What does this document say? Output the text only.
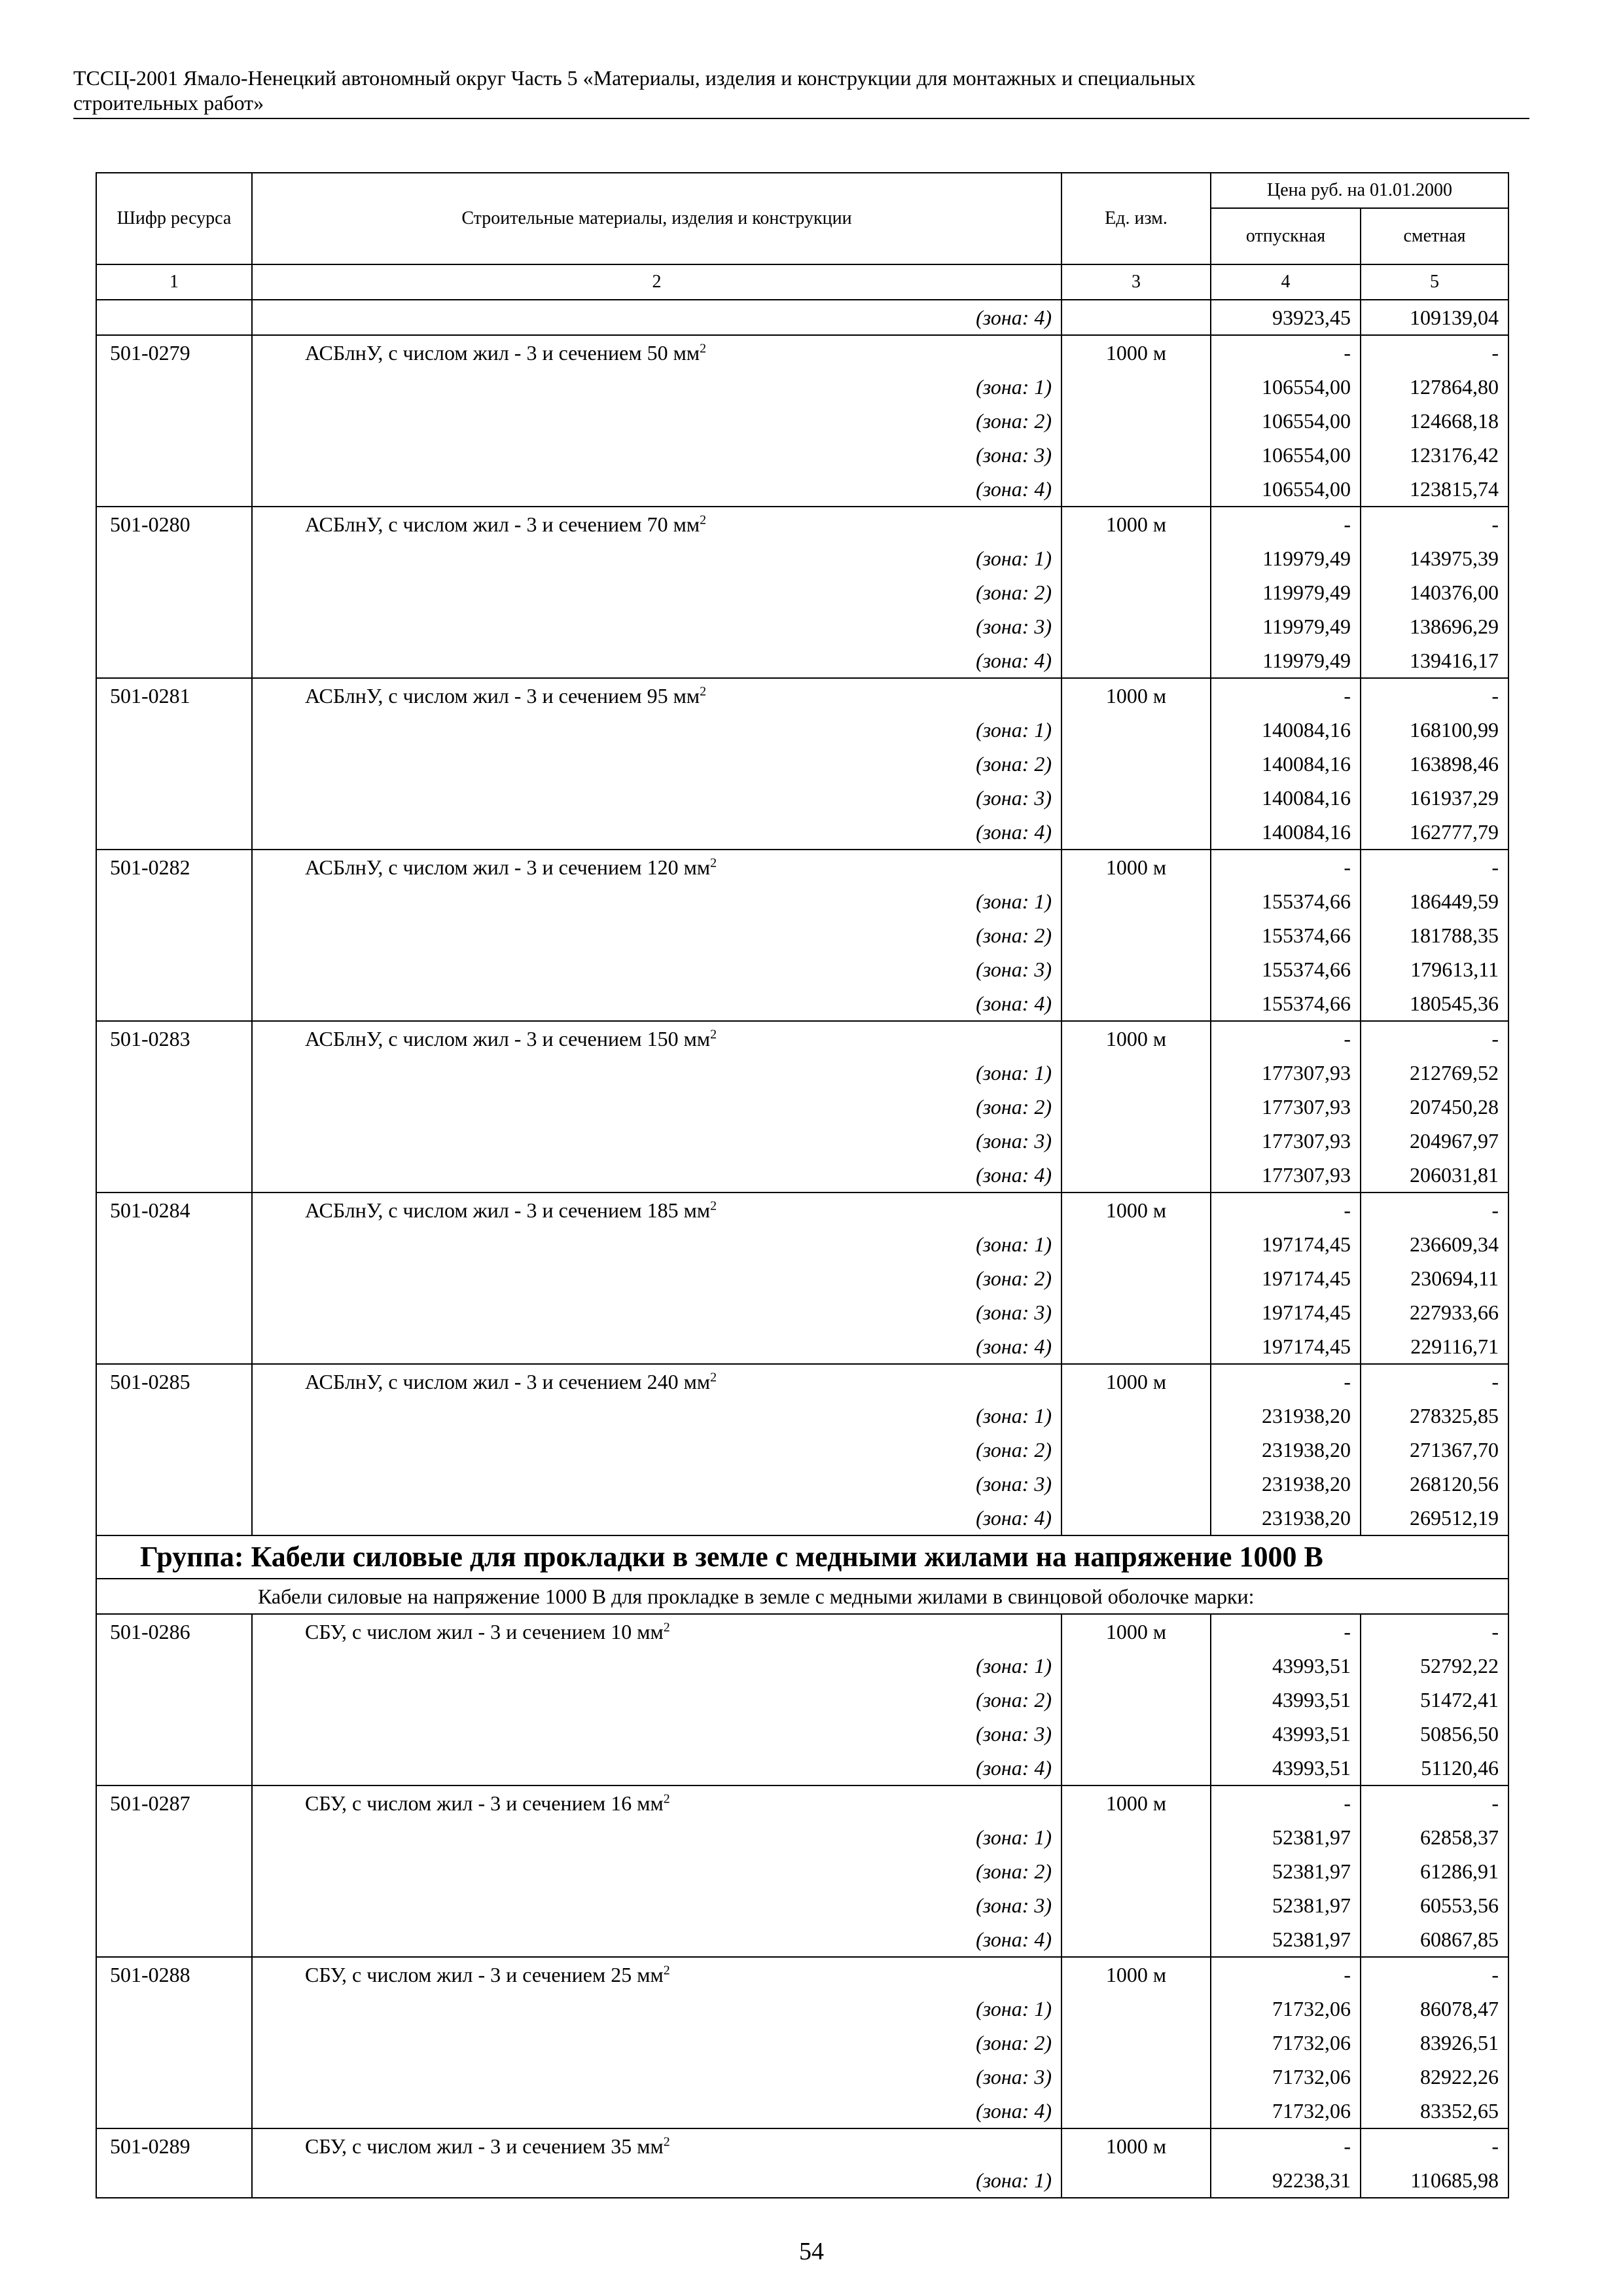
ТССЦ-2001 Ямало-Ненецкий автономный округ Часть 5 «Материалы, изделия и конструкции для монтажных и специальных
строительных работ»
Шифр ресурса	Строительные материалы, изделия и конструкции	Ед. изм.	Цена руб. на 01.01.2000	
			отпускная	сметная
1	2	3	4	5
	(зона: 4)		93923,45	109139,04
501-0279	АСБлнУ, с числом жил - 3 и сечением 50 $мм^2$	1000 м	-	-
	(зона: 1)		106554,00	127864,80
	(зона: 2)		106554,00	124668,18
	(зона: 3)		106554,00	123176,42
	(зона: 4)		106554,00	123815,74
501-0280	АСБлнУ, с числом жил - 3 и сечением 70 $мм^2$	1000 м	-	-
	(зона: 1)		119979,49	143975,39
	(зона: 2)		119979,49	140376,00
	(зона: 3)		119979,49	138696,29
	(зона: 4)		119979,49	139416,17
501-0281	АСБлнУ, с числом жил - 3 и сечением 95 $мм^2$	1000 м	-	-
	(зона: 1)		140084,16	168100,99
	(зона: 2)		140084,16	163898,46
	(зона: 3)		140084,16	161937,29
	(зона: 4)		140084,16	162777,79
501-0282	АСБлнУ, с числом жил - 3 и сечением 120 $мм^2$	1000 м	-	-
	(зона: 1)		155374,66	186449,59
	(зона: 2)		155374,66	181788,35
	(зона: 3)		155374,66	179613,11
	(зона: 4)		155374,66	180545,36
501-0283	АСБлнУ, с числом жил - 3 и сечением 150 $мм^2$	1000 м	-	-
	(зона: 1)		177307,93	212769,52
	(зона: 2)		177307,93	207450,28
	(зона: 3)		177307,93	204967,97
	(зона: 4)		177307,93	206031,81
501-0284	АСБлнУ, с числом жил - 3 и сечением 185 $мм^2$	1000 м	-	-
	(зона: 1)		197174,45	236609,34
	(зона: 2)		197174,45	230694,11
	(зона: 3)		197174,45	227933,66
	(зона: 4)		197174,45	229116,71
501-0285	АСБлнУ, с числом жил - 3 и сечением 240 $мм^2$	1000 м	-	-
	(зона: 1)		231938,20	278325,85
	(зона: 2)		231938,20	271367,70
	(зона: 3)		231938,20	268120,56
	(зона: 4)		231938,20	269512,19
Группа: Кабели силовые для прокладки в земле с медными жилами на напряжение 1000 В				
Кабели силовые на напряжение 1000 В для прокладке в земле с медными жилами в свинцовой оболочке марки:				
501-0286	СБУ, с числом жил - 3 и сечением 10 $мм^2$	1000 м	-	-
	(зона: 1)		43993,51	52792,22
	(зона: 2)		43993,51	51472,41
	(зона: 3)		43993,51	50856,50
	(зона: 4)		43993,51	51120,46
501-0287	СБУ, с числом жил - 3 и сечением 16 $мм^2$	1000 м	-	-
	(зона: 1)		52381,97	62858,37
	(зона: 2)		52381,97	61286,91
	(зона: 3)		52381,97	60553,56
	(зона: 4)		52381,97	60867,85
501-0288	СБУ, с числом жил - 3 и сечением 25 $мм^2$	1000 м	-	-
	(зона: 1)		71732,06	86078,47
	(зона: 2)		71732,06	83926,51
	(зона: 3)		71732,06	82922,26
	(зона: 4)		71732,06	83352,65
501-0289	СБУ, с числом жил - 3 и сечением 35 $мм^2$	1000 м	-	-
	(зона: 1)		92238,31	110685,98
54
